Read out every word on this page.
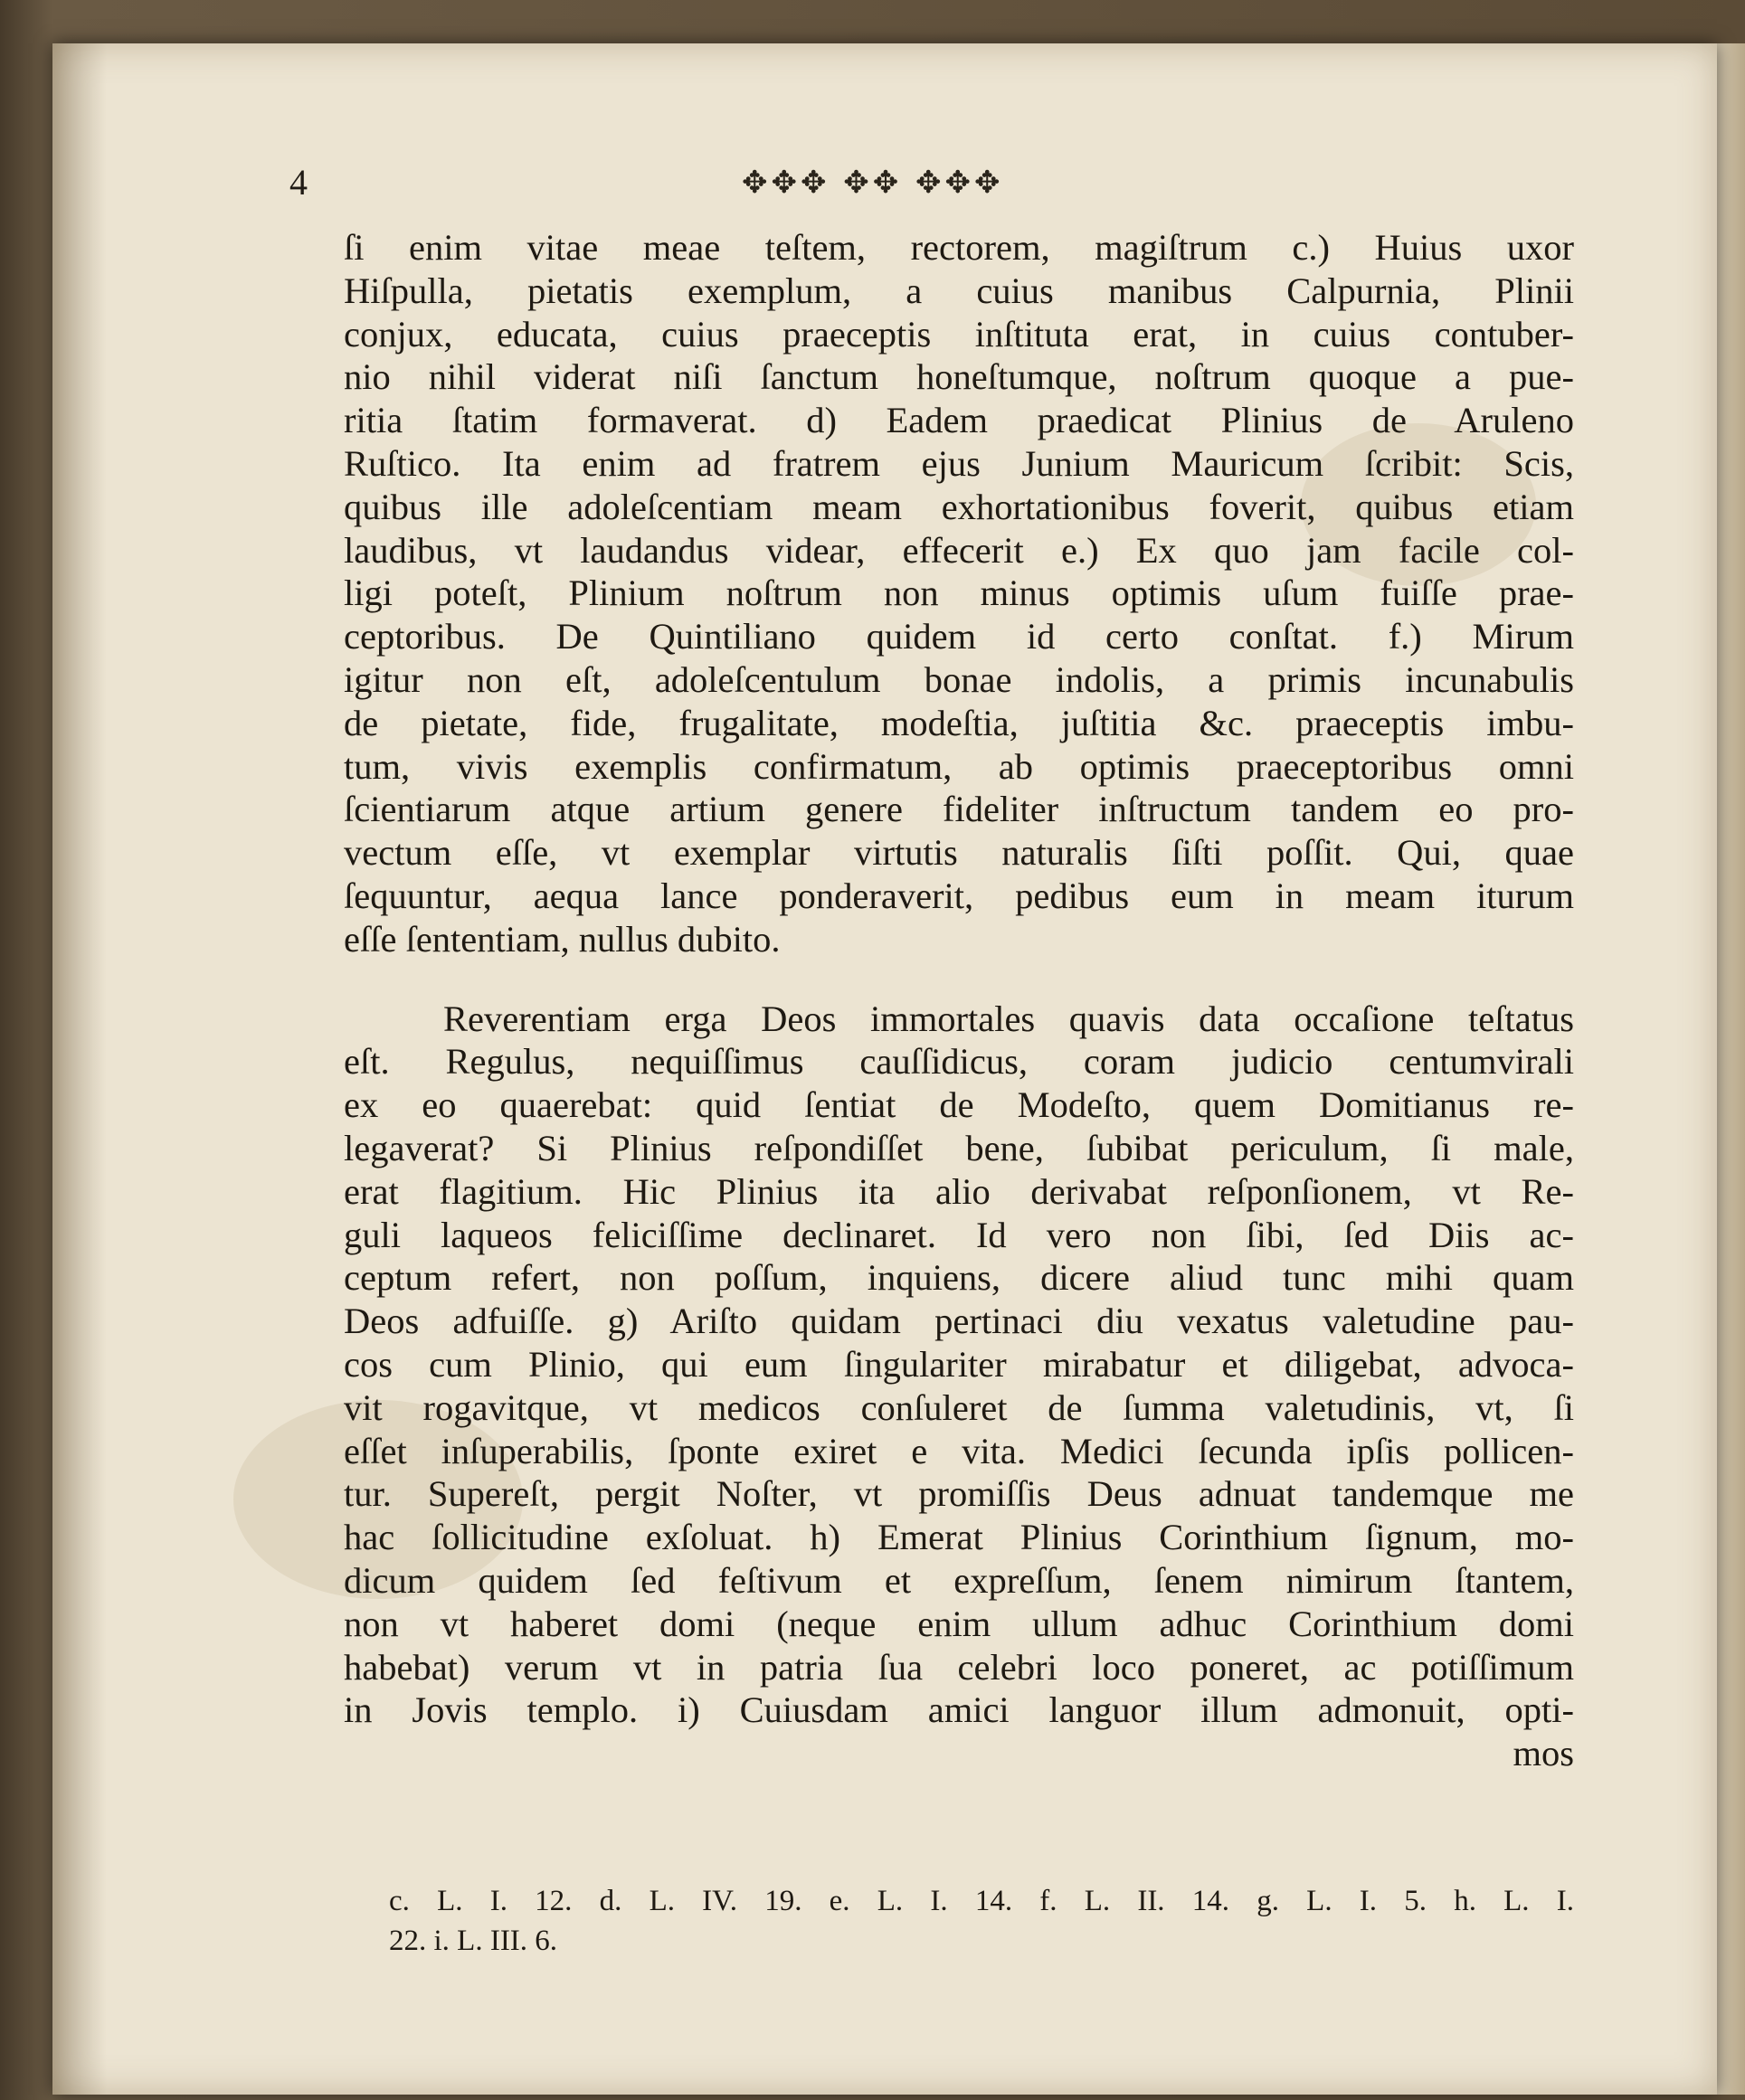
4	✥✥✥ ✥✥ ✥✥✥
ſi enim vitae meae teſtem, rectorem, magiſtrum c.) Huius uxor
Hiſpulla, pietatis exemplum, a cuius manibus Calpurnia, Plinii
conjux, educata, cuius praeceptis inſtituta erat, in cuius contuber-
nio nihil viderat niſi ſanctum honeſtumque, noſtrum quoque a pue-
ritia ſtatim formaverat. d) Eadem praedicat Plinius de Aruleno
Ruſtico. Ita enim ad fratrem ejus Junium Mauricum ſcribit: Scis,
quibus ille adoleſcentiam meam exhortationibus foverit, quibus etiam
laudibus, vt laudandus videar, effecerit e.) Ex quo jam facile col-
ligi poteſt, Plinium noſtrum non minus optimis uſum fuiſſe prae-
ceptoribus. De Quintiliano quidem id certo conſtat. f.) Mirum
igitur non eſt, adoleſcentulum bonae indolis, a primis incunabulis
de pietate, fide, frugalitate, modeſtia, juſtitia &c. praeceptis imbu-
tum, vivis exemplis confirmatum, ab optimis praeceptoribus omni
ſcientiarum atque artium genere fideliter inſtructum tandem eo pro-
vectum eſſe, vt exemplar virtutis naturalis ſiſti poſſit. Qui, quae
ſequuntur, aequa lance ponderaverit, pedibus eum in meam iturum
eſſe ſententiam, nullus dubito.
Reverentiam erga Deos immortales quavis data occaſione teſtatus
eſt. Regulus, nequiſſimus cauſſidicus, coram judicio centumvirali
ex eo quaerebat: quid ſentiat de Modeſto, quem Domitianus re-
legaverat? Si Plinius reſpondiſſet bene, ſubibat periculum, ſi male,
erat flagitium. Hic Plinius ita alio derivabat reſponſionem, vt Re-
guli laqueos feliciſſime declinaret. Id vero non ſibi, ſed Diis ac-
ceptum refert, non poſſum, inquiens, dicere aliud tunc mihi quam
Deos adfuiſſe. g) Ariſto quidam pertinaci diu vexatus valetudine pau-
cos cum Plinio, qui eum ſingulariter mirabatur et diligebat, advoca-
vit rogavitque, vt medicos conſuleret de ſumma valetudinis, vt, ſi
eſſet inſuperabilis, ſponte exiret e vita. Medici ſecunda ipſis pollicen-
tur. Supereſt, pergit Noſter, vt promiſſis Deus adnuat tandemque me
hac ſollicitudine exſoluat. h) Emerat Plinius Corinthium ſignum, mo-
dicum quidem ſed feſtivum et expreſſum, ſenem nimirum ſtantem,
non vt haberet domi (neque enim ullum adhuc Corinthium domi
habebat) verum vt in patria ſua celebri loco poneret, ac potiſſimum
in Jovis templo. i) Cuiusdam amici languor illum admonuit, opti-
mos
c. L. I. 12. d. L. IV. 19. e. L. I. 14. f. L. II. 14. g. L. I. 5. h. L. I.
22. i. L. III. 6.
